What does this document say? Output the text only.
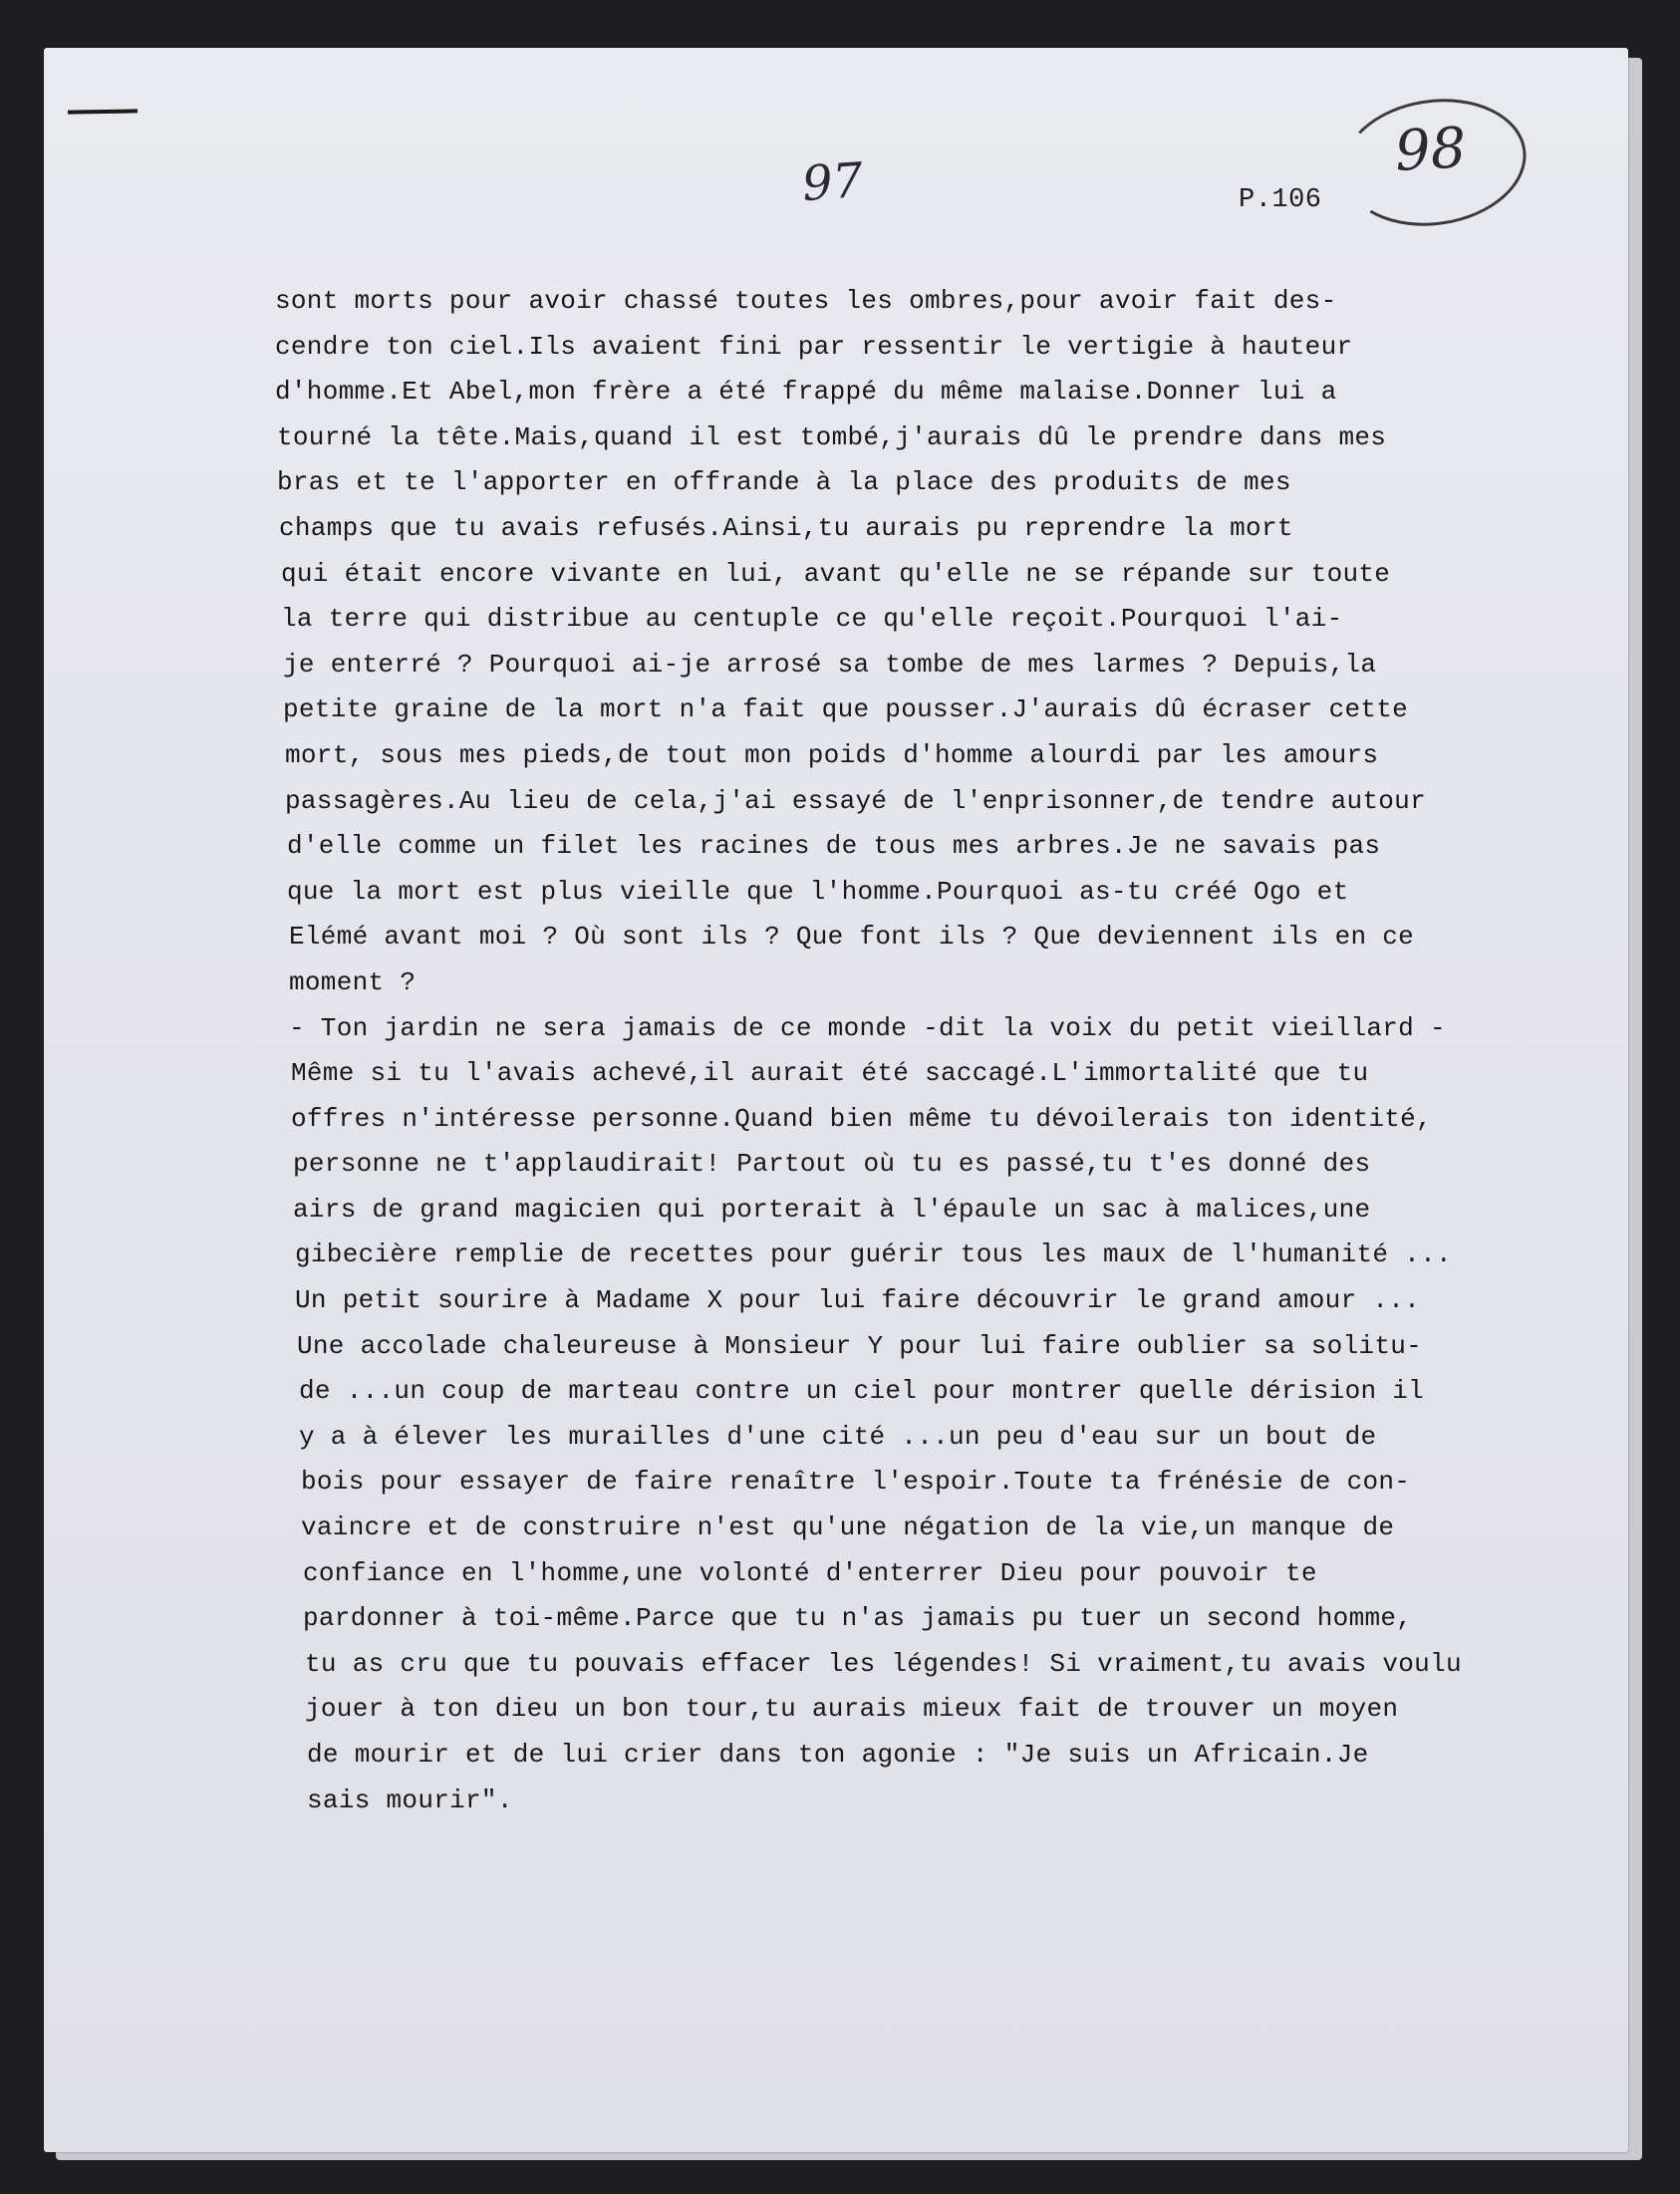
97	98
P.106
sont morts pour avoir chassé toutes les ombres,pour avoir fait des-
cendre ton ciel.Ils avaient fini par ressentir le vertigie à hauteur
d'homme.Et Abel,mon frère a été frappé du même malaise.Donner lui a
tourné la tête.Mais,quand il est tombé,j'aurais dû le prendre dans mes
bras et te l'apporter en offrande à la place des produits de mes
champs que tu avais refusés.Ainsi,tu aurais pu reprendre la mort
qui était encore vivante en lui, avant qu'elle ne se répande sur toute
la terre qui distribue au centuple ce qu'elle reçoit.Pourquoi l'ai-
je enterré ? Pourquoi ai-je arrosé sa tombe de mes larmes ? Depuis,la
petite graine de la mort n'a fait que pousser.J'aurais dû écraser cette
mort, sous mes pieds,de tout mon poids d'homme alourdi par les amours
passagères.Au lieu de cela,j'ai essayé de l'enprisonner,de tendre autour
d'elle comme un filet les racines de tous mes arbres.Je ne savais pas
que la mort est plus vieille que l'homme.Pourquoi as-tu créé Ogo et
Elémé avant moi ? Où sont ils ? Que font ils ? Que deviennent ils en ce
moment ?
- Ton jardin ne sera jamais de ce monde -dit la voix du petit vieillard -
Même si tu l'avais achevé,il aurait été saccagé.L'immortalité que tu
offres n'intéresse personne.Quand bien même tu dévoilerais ton identité,
personne ne t'applaudirait! Partout où tu es passé,tu t'es donné des
airs de grand magicien qui porterait à l'épaule un sac à malices,une
gibecière remplie de recettes pour guérir tous les maux de l'humanité ...
Un petit sourire à Madame X pour lui faire découvrir le grand amour ...
Une accolade chaleureuse à Monsieur Y pour lui faire oublier sa solitu-
de ...un coup de marteau contre un ciel pour montrer quelle dérision il
y a à élever les murailles d'une cité ...un peu d'eau sur un bout de
bois pour essayer de faire renaître l'espoir.Toute ta frénésie de con-
vaincre et de construire n'est qu'une négation de la vie,un manque de
confiance en l'homme,une volonté d'enterrer Dieu pour pouvoir te
pardonner à toi-même.Parce que tu n'as jamais pu tuer un second homme,
tu as cru que tu pouvais effacer les légendes! Si vraiment,tu avais voulu
jouer à ton dieu un bon tour,tu aurais mieux fait de trouver un moyen
de mourir et de lui crier dans ton agonie : "Je suis un Africain.Je
sais mourir".
